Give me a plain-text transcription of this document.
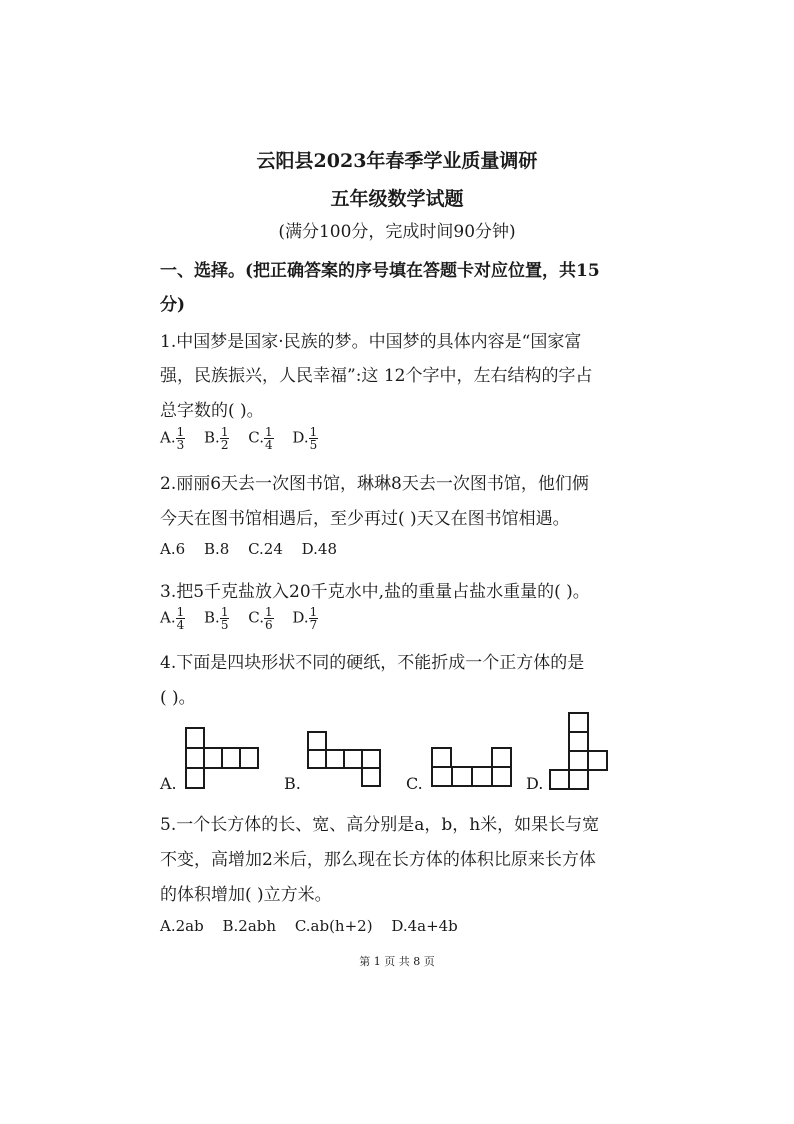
云阳县2023年春季学业质量调研
五年级数学试题
(满分100分，完成时间90分钟)
一、选择。(把正确答案的序号填在答题卡对应位置，共15
分)
1.中国梦是国家·民族的梦。中国梦的具体内容是“国家富
强，民族振兴，人民幸福”:这 12个字中，左右结构的字占
总字数的( )。
A. $\frac{1}{3} B$. $\frac{1}{2} C$. $\frac{1}{4} D$. $\frac{1}{5}$
2.丽丽6天去一次图书馆，琳琳8天去一次图书馆，他们俩
今天在图书馆相遇后，至少再过( )天又在图书馆相遇。
A.6 B.8 C.24 D.48
3.把5千克盐放入20千克水中,盐的重量占盐水重量的( )。
A. $\frac{1}{4} B$. $\frac{1}{5} C$. $\frac{1}{6} D$. $\frac{1}{7}$
4.下面是四块形状不同的硬纸，不能折成一个正方体的是
( )。
A.	B.	C.	D.
5.一个长方体的长、宽、高分别是a，b，h米，如果长与宽
不变，高增加2米后，那么现在长方体的体积比原来长方体
的体积增加( )立方米。
A.2ab B.2abh C.ab(h+2) D.4a+4b
第 1 页 共 8 页
